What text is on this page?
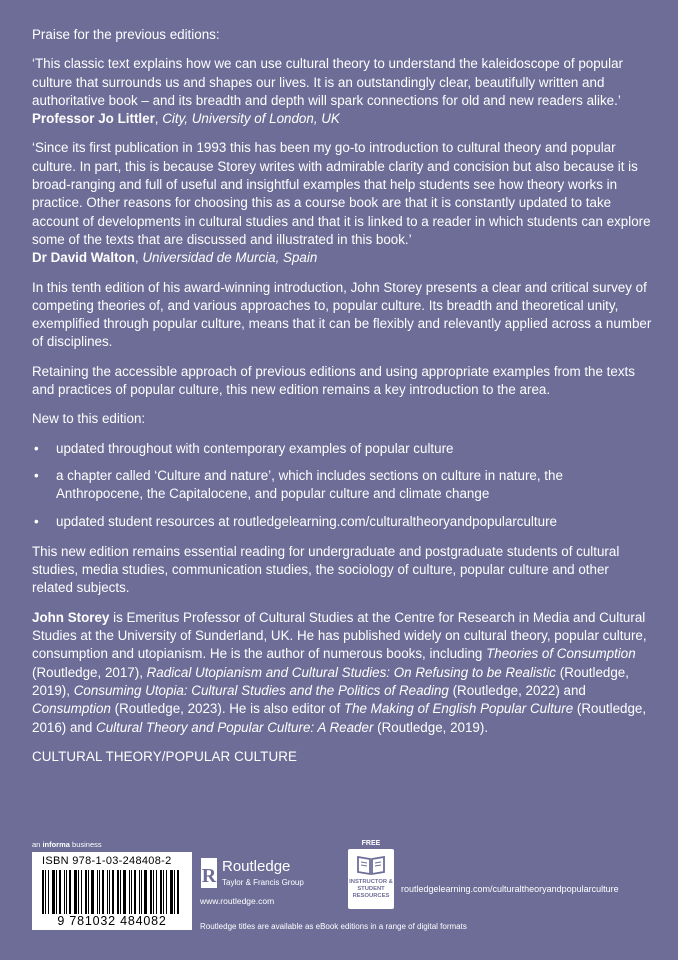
Praise for the previous editions:

‘This classic text explains how we can use cultural theory to understand the kaleidoscope of popular culture that surrounds us and shapes our lives. It is an outstandingly clear, beautifully written and authoritative book – and its breadth and depth will spark connections for old and new readers alike.’
Professor Jo Littler, City, University of London, UK

‘Since its first publication in 1993 this has been my go-to introduction to cultural theory and popular culture. In part, this is because Storey writes with admirable clarity and concision but also because it is broad-ranging and full of useful and insightful examples that help students see how theory works in practice. Other reasons for choosing this as a course book are that it is constantly updated to take account of developments in cultural studies and that it is linked to a reader in which students can explore some of the texts that are discussed and illustrated in this book.’
Dr David Walton, Universidad de Murcia, Spain

In this tenth edition of his award-winning introduction, John Storey presents a clear and critical survey of competing theories of, and various approaches to, popular culture. Its breadth and theoretical unity, exemplified through popular culture, means that it can be flexibly and relevantly applied across a number of disciplines.

Retaining the accessible approach of previous editions and using appropriate examples from the texts and practices of popular culture, this new edition remains a key introduction to the area.

New to this edition:

• updated throughout with contemporary examples of popular culture
• a chapter called ‘Culture and nature’, which includes sections on culture in nature, the Anthropocene, the Capitalocene, and popular culture and climate change
• updated student resources at routledgelearning.com/culturaltheoryandpopularculture

This new edition remains essential reading for undergraduate and postgraduate students of cultural studies, media studies, communication studies, the sociology of culture, popular culture and other related subjects.

John Storey is Emeritus Professor of Cultural Studies at the Centre for Research in Media and Cultural Studies at the University of Sunderland, UK. He has published widely on cultural theory, popular culture, consumption and utopianism. He is the author of numerous books, including Theories of Consumption (Routledge, 2017), Radical Utopianism and Cultural Studies: On Refusing to be Realistic (Routledge, 2019), Consuming Utopia: Cultural Studies and the Politics of Reading (Routledge, 2022) and Consumption (Routledge, 2023). He is also editor of The Making of English Popular Culture (Routledge, 2016) and Cultural Theory and Popular Culture: A Reader (Routledge, 2019).

CULTURAL THEORY/POPULAR CULTURE

an informa business
ISBN 978-1-03-248408-2
9 781032 484082
R Routledge
Taylor & Francis Group
www.routledge.com
FREE
INSTRUCTOR & STUDENT RESOURCES
routledgelearning.com/culturaltheoryandpopularculture
Routledge titles are available as eBook editions in a range of digital formats
